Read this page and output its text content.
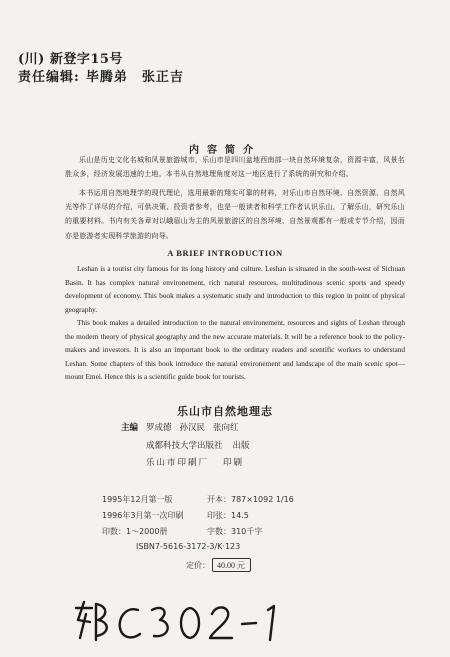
(川) 新登字15号
责任编辑: 毕腾弟 张正吉
内容简介
乐山是历史文化名城和风景旅游城市，乐山市是四川盆地西南部一块自然环境复杂，资源丰富，风景名胜众多，经济发展迅速的土地。本书从自然地理角度对这一地区进行了系统的研究和介绍。
本书运用自然地理学的现代理论，选用最新的翔实可靠的材料，对乐山市自然环境、自然资源、自然风光等作了详尽的介绍，可供决策、投资者参考，也是一般读者和科学工作者认识乐山，了解乐山，研究乐山的重要材料。书内有关各章对以峨眉山为主的风景旅游区的自然环境、自然景观都有一般或专节介绍，因而亦是旅游者实现科学旅游的向导。
A BRIEF INTRODUCTION
Leshan is a tourist city famous for its long history and culture. Leshan is situated in the south-west of Sichuan Basin. It has complex natural environement, rich natural resources, multitudinous scenic sports and speedy development of economy. This book makes a systematic study and introduction to this region in point of physical geography.
This book makes a detailed introduction to the natural environement, resources and sights of Leshan through the modern theory of physical geography and the new accurate materials. It will be a reference book to the policy-makers and investors. It is also an important book to the ordinary readers and scentific workers to understand Leshan. Some chapters of this book introduce the natural environement and landscape of the main scenic spot—mount Emei. Hence this is a scientific guide book for tourists.
乐山市自然地理志
主编 罗成德 孙汉民 张向红
成都科技大学出版社 出版
乐山市印刷厂 印刷
1995年12月第一版	开本：787×1092 1/16
1996年3月第一次印刷	印张：14.5
印数：1～2000册	字数：310千字
ISBN7-5616-3172-3/K·123
定价： 40.00 元
